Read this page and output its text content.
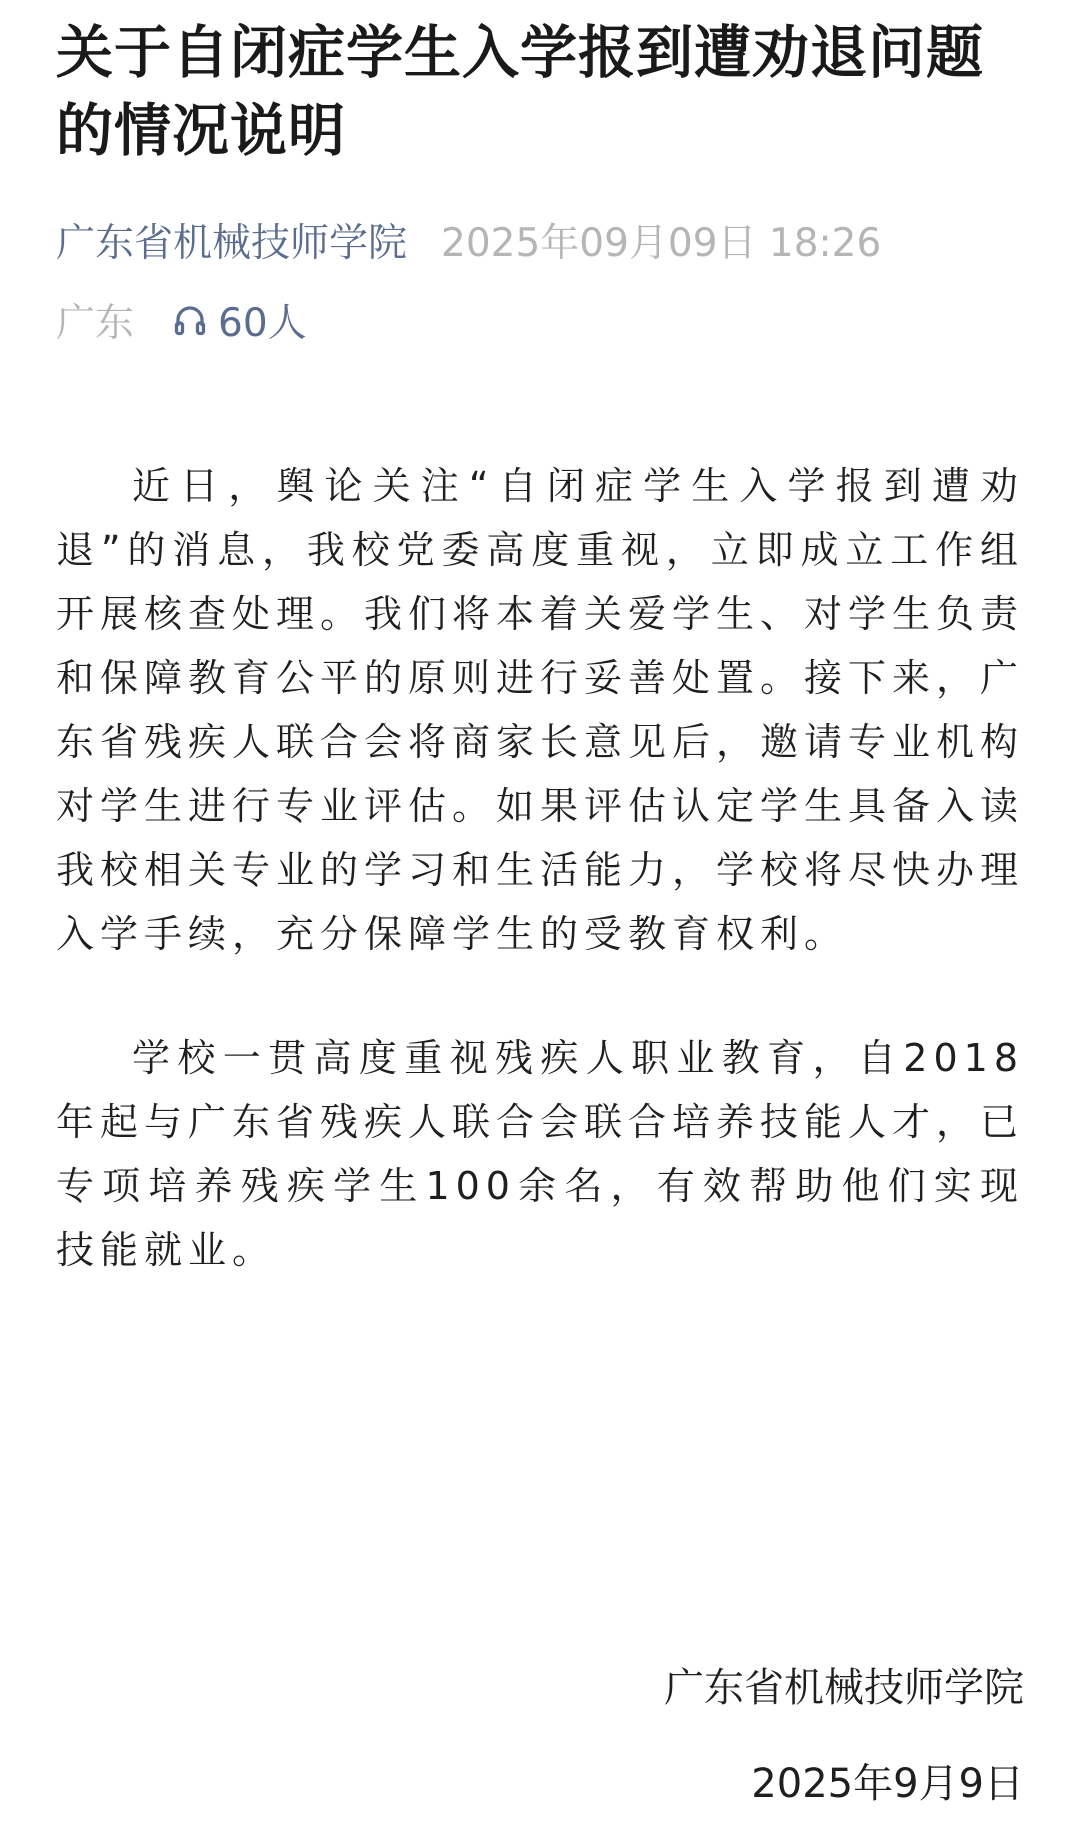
关于自闭症学生入学报到遭劝退问题的情况说明
广东省机械技师学院 2025年09月09日 18:26
广东 60人

近日，舆论关注“自闭症学生入学报到遭劝退”的消息，我校党委高度重视，立即成立工作组开展核查处理。我们将本着关爱学生、对学生负责和保障教育公平的原则进行妥善处置。接下来，广东省残疾人联合会将商家长意见后，邀请专业机构对学生进行专业评估。如果评估认定学生具备入读我校相关专业的学习和生活能力，学校将尽快办理入学手续，充分保障学生的受教育权利。

学校一贯高度重视残疾人职业教育，自2018年起与广东省残疾人联合会联合培养技能人才，已专项培养残疾学生100余名，有效帮助他们实现技能就业。

广东省机械技师学院
2025年9月9日
